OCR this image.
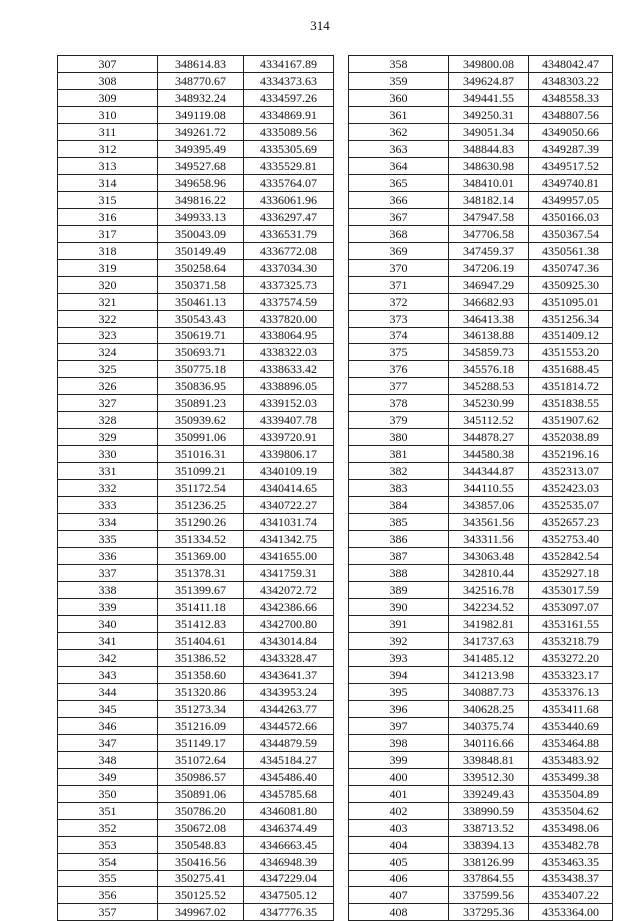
314
307	348614.83	4334167.89
308	348770.67	4334373.63
309	348932.24	4334597.26
310	349119.08	4334869.91
311	349261.72	4335089.56
312	349395.49	4335305.69
313	349527.68	4335529.81
314	349658.96	4335764.07
315	349816.22	4336061.96
316	349933.13	4336297.47
317	350043.09	4336531.79
318	350149.49	4336772.08
319	350258.64	4337034.30
320	350371.58	4337325.73
321	350461.13	4337574.59
322	350543.43	4337820.00
323	350619.71	4338064.95
324	350693.71	4338322.03
325	350775.18	4338633.42
326	350836.95	4338896.05
327	350891.23	4339152.03
328	350939.62	4339407.78
329	350991.06	4339720.91
330	351016.31	4339806.17
331	351099.21	4340109.19
332	351172.54	4340414.65
333	351236.25	4340722.27
334	351290.26	4341031.74
335	351334.52	4341342.75
336	351369.00	4341655.00
337	351378.31	4341759.31
338	351399.67	4342072.72
339	351411.18	4342386.66
340	351412.83	4342700.80
341	351404.61	4343014.84
342	351386.52	4343328.47
343	351358.60	4343641.37
344	351320.86	4343953.24
345	351273.34	4344263.77
346	351216.09	4344572.66
347	351149.17	4344879.59
348	351072.64	4345184.27
349	350986.57	4345486.40
350	350891.06	4345785.68
351	350786.20	4346081.80
352	350672.08	4346374.49
353	350548.83	4346663.45
354	350416.56	4346948.39
355	350275.41	4347229.04
356	350125.52	4347505.12
357	349967.02	4347776.35
358	349800.08	4348042.47
359	349624.87	4348303.22
360	349441.55	4348558.33
361	349250.31	4348807.56
362	349051.34	4349050.66
363	348844.83	4349287.39
364	348630.98	4349517.52
365	348410.01	4349740.81
366	348182.14	4349957.05
367	347947.58	4350166.03
368	347706.58	4350367.54
369	347459.37	4350561.38
370	347206.19	4350747.36
371	346947.29	4350925.30
372	346682.93	4351095.01
373	346413.38	4351256.34
374	346138.88	4351409.12
375	345859.73	4351553.20
376	345576.18	4351688.45
377	345288.53	4351814.72
378	345230.99	4351838.55
379	345112.52	4351907.62
380	344878.27	4352038.89
381	344580.38	4352196.16
382	344344.87	4352313.07
383	344110.55	4352423.03
384	343857.06	4352535.07
385	343561.56	4352657.23
386	343311.56	4352753.40
387	343063.48	4352842.54
388	342810.44	4352927.18
389	342516.78	4353017.59
390	342234.52	4353097.07
391	341982.81	4353161.55
392	341737.63	4353218.79
393	341485.12	4353272.20
394	341213.98	4353323.17
395	340887.73	4353376.13
396	340628.25	4353411.68
397	340375.74	4353440.69
398	340116.66	4353464.88
399	339848.81	4353483.92
400	339512.30	4353499.38
401	339249.43	4353504.89
402	338990.59	4353504.62
403	338713.52	4353498.06
404	338394.13	4353482.78
405	338126.99	4353463.35
406	337864.55	4353438.37
407	337599.56	4353407.22
408	337295.36	4353364.00
